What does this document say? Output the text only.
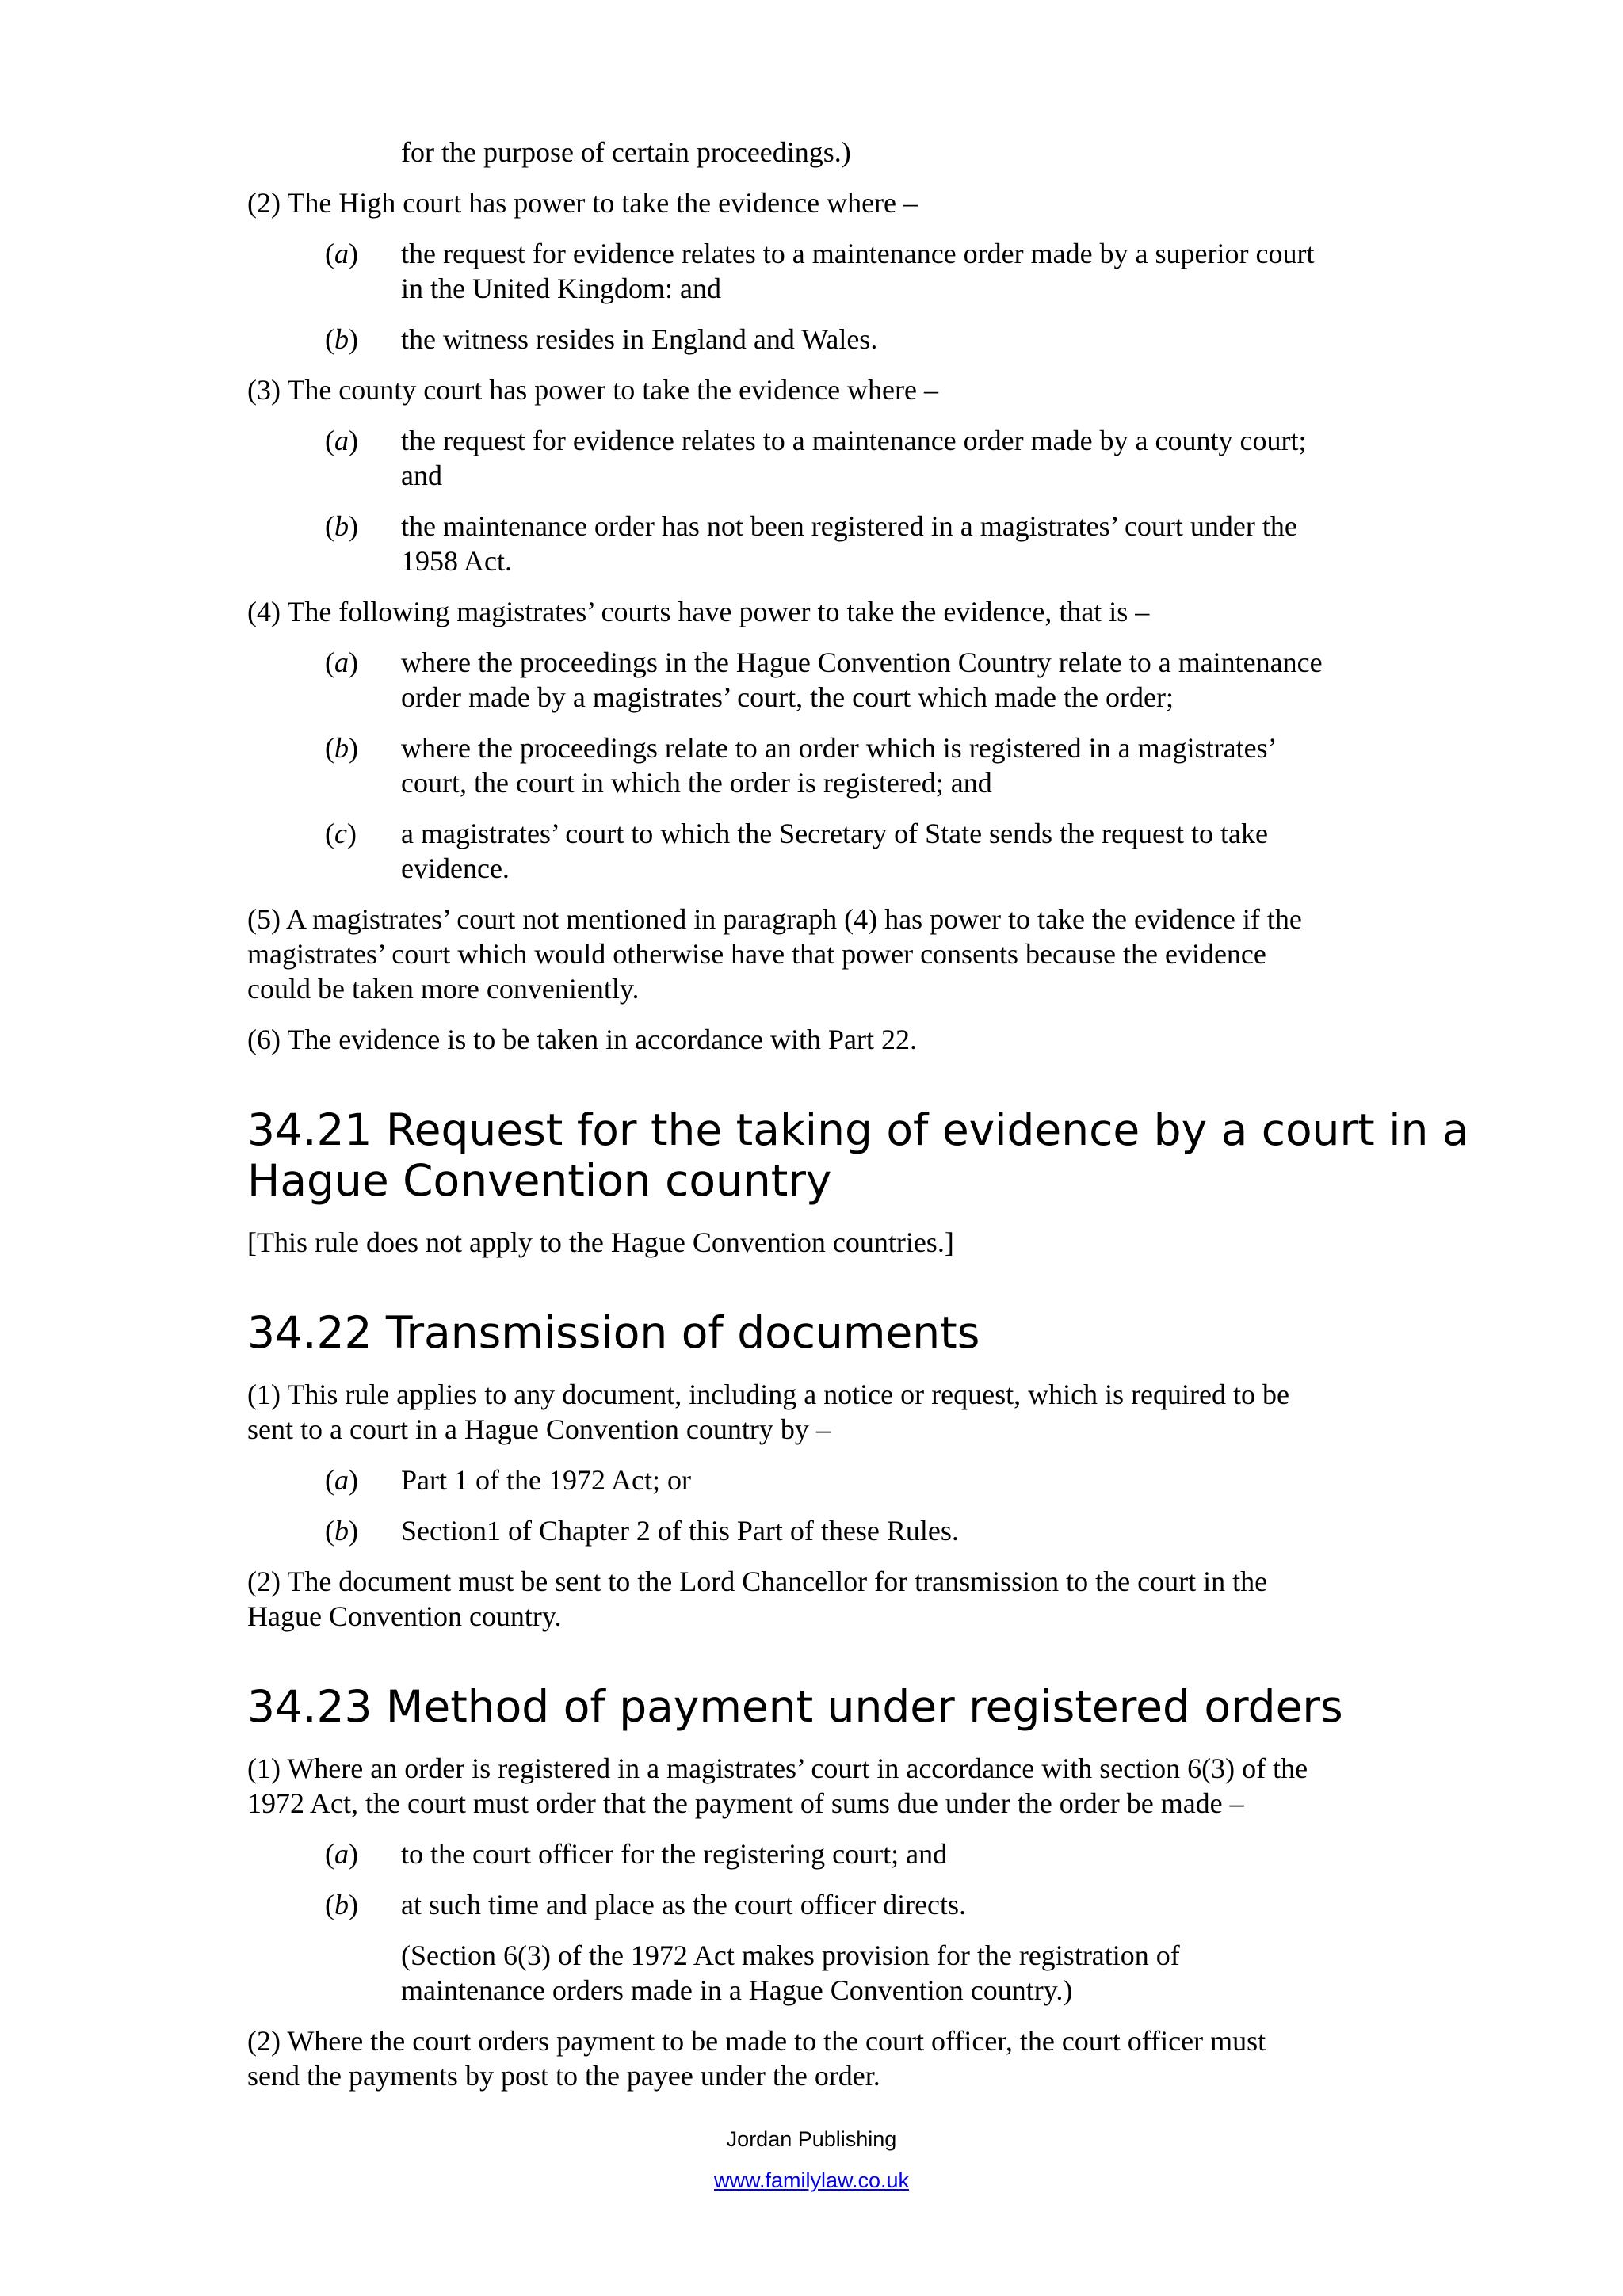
for the purpose of certain proceedings.)
(2) The High court has power to take the evidence where –
(a) the request for evidence relates to a maintenance order made by a superior court
in the United Kingdom: and
(b) the witness resides in England and Wales.
(3) The county court has power to take the evidence where –
(a) the request for evidence relates to a maintenance order made by a county court;
and
(b) the maintenance order has not been registered in a magistrates’ court under the
1958 Act.
(4) The following magistrates’ courts have power to take the evidence, that is –
(a) where the proceedings in the Hague Convention Country relate to a maintenance
order made by a magistrates’ court, the court which made the order;
(b) where the proceedings relate to an order which is registered in a magistrates’
court, the court in which the order is registered; and
(c) a magistrates’ court to which the Secretary of State sends the request to take
evidence.
(5) A magistrates’ court not mentioned in paragraph (4) has power to take the evidence if the
magistrates’ court which would otherwise have that power consents because the evidence
could be taken more conveniently.
(6) The evidence is to be taken in accordance with Part 22.
34.21 Request for the taking of evidence by a court in a
Hague Convention country
[This rule does not apply to the Hague Convention countries.]
34.22 Transmission of documents
(1) This rule applies to any document, including a notice or request, which is required to be
sent to a court in a Hague Convention country by –
(a) Part 1 of the 1972 Act; or
(b) Section1 of Chapter 2 of this Part of these Rules.
(2) The document must be sent to the Lord Chancellor for transmission to the court in the
Hague Convention country.
34.23 Method of payment under registered orders
(1) Where an order is registered in a magistrates’ court in accordance with section 6(3) of the
1972 Act, the court must order that the payment of sums due under the order be made –
(a) to the court officer for the registering court; and
(b) at such time and place as the court officer directs.
(Section 6(3) of the 1972 Act makes provision for the registration of
maintenance orders made in a Hague Convention country.)
(2) Where the court orders payment to be made to the court officer, the court officer must
send the payments by post to the payee under the order.
Jordan Publishing
www.familylaw.co.uk
